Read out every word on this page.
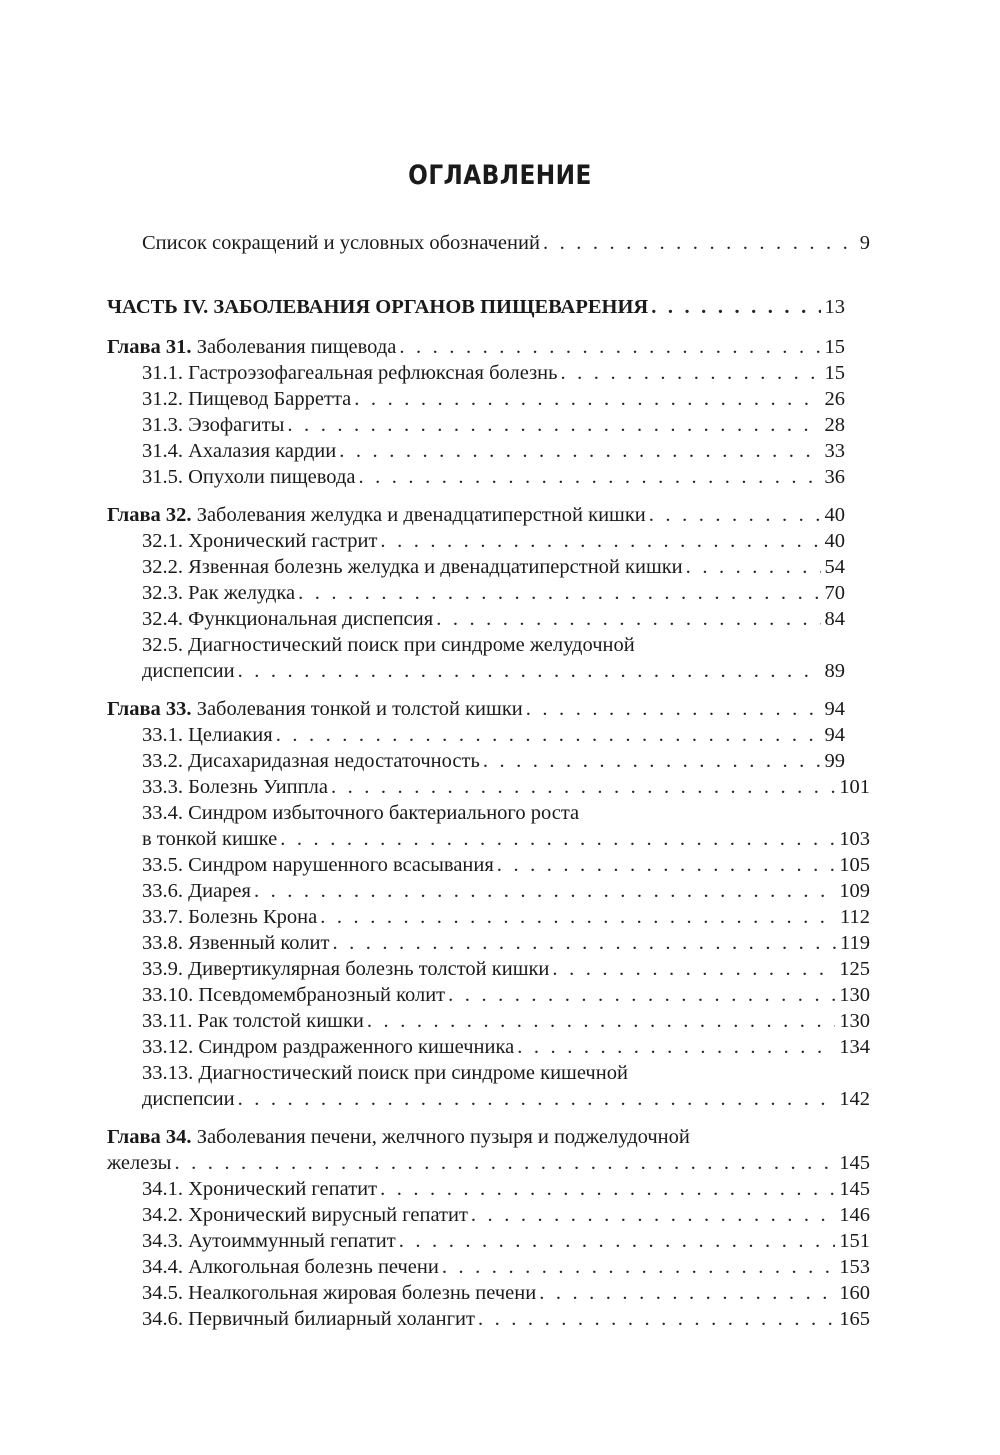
ОГЛАВЛЕНИЕ
Список сокращений и условных обозначений . . .	9
ЧАСТЬ IV. ЗАБОЛЕВАНИЯ ОРГАНОВ ПИЩЕВАРЕНИЯ . . .	13
Глава 31. Заболевания пищевода . . .	15
31.1. Гастроэзофагеальная рефлюксная болезнь . . .	15
31.2. Пищевод Барретта . . .	26
31.3. Эзофагиты . . .	28
31.4. Ахалазия кардии . . .	33
31.5. Опухоли пищевода . . .	36
Глава 32. Заболевания желудка и двенадцатиперстной кишки . . .	40
32.1. Хронический гастрит . . .	40
32.2. Язвенная болезнь желудка и двенадцатиперстной кишки . . .	54
32.3. Рак желудка . . .	70
32.4. Функциональная диспепсия . . .	84
32.5. Диагностический поиск при синдроме желудочной
диспепсии . . .	89
Глава 33. Заболевания тонкой и толстой кишки . . .	94
33.1. Целиакия . . .	94
33.2. Дисахаридазная недостаточность . . .	99
33.3. Болезнь Уиппла . . .	101
33.4. Синдром избыточного бактериального роста
в тонкой кишке . . .	103
33.5. Синдром нарушенного всасывания . . .	105
33.6. Диарея . . .	109
33.7. Болезнь Крона . . .	112
33.8. Язвенный колит . . .	119
33.9. Дивертикулярная болезнь толстой кишки . . .	125
33.10. Псевдомембранозный колит . . .	130
33.11. Рак толстой кишки . . .	130
33.12. Синдром раздраженного кишечника . . .	134
33.13. Диагностический поиск при синдроме кишечной
диспепсии . . .	142
Глава 34. Заболевания печени, желчного пузыря и поджелудочной
железы . . .	145
34.1. Хронический гепатит . . .	145
34.2. Хронический вирусный гепатит . . .	146
34.3. Аутоиммунный гепатит . . .	151
34.4. Алкогольная болезнь печени . . .	153
34.5. Неалкогольная жировая болезнь печени . . .	160
34.6. Первичный билиарный холангит . . .	165
